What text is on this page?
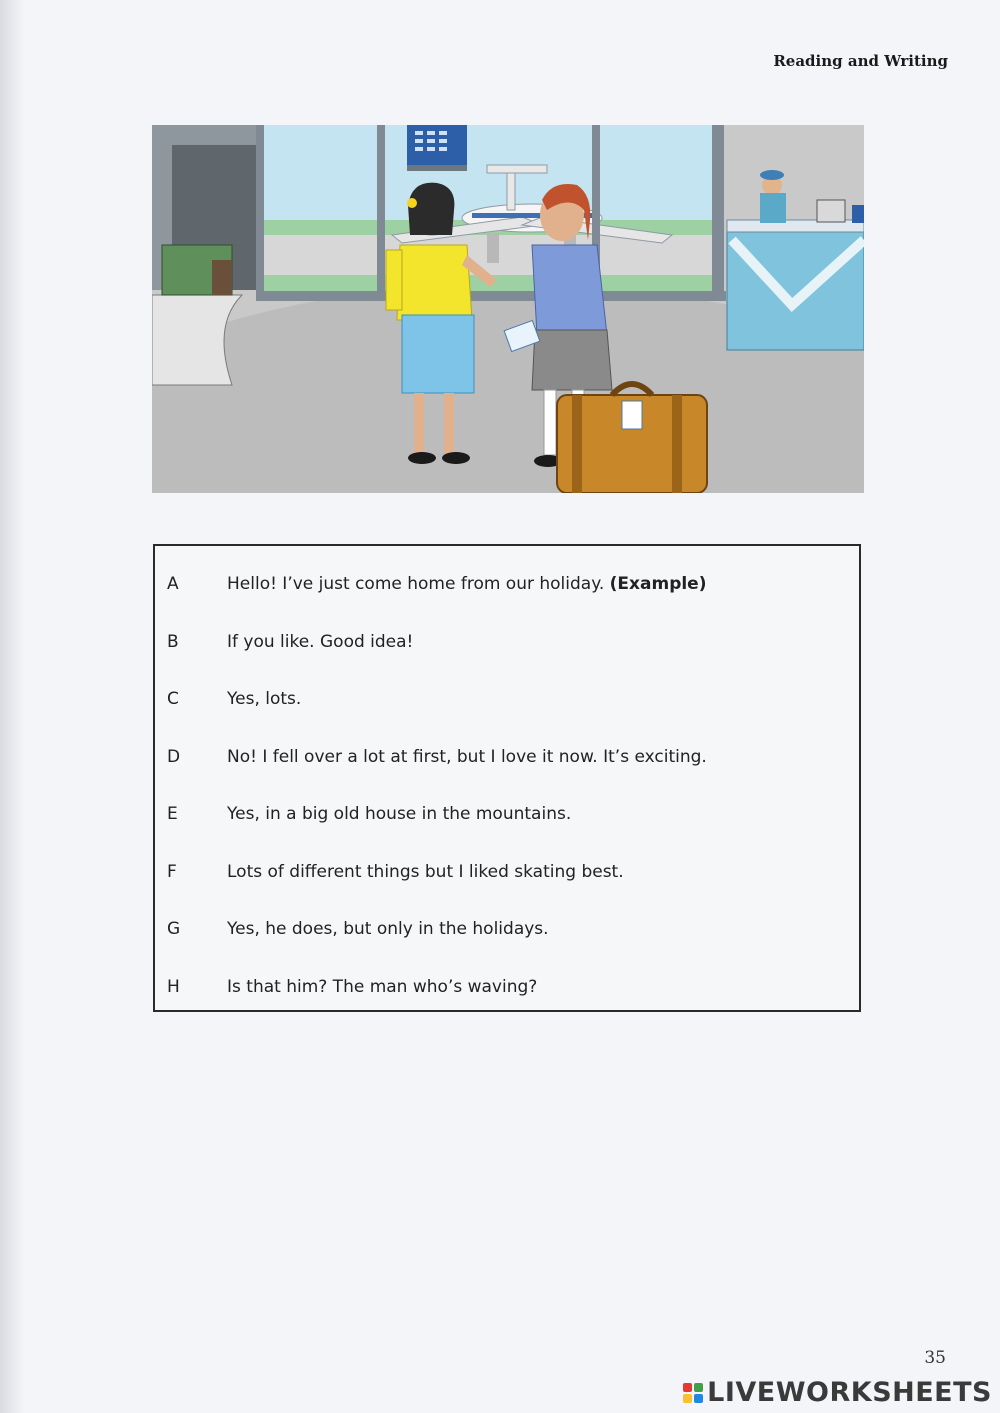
Reading and Writing
A	Hello! I’ve just come home from our holiday. (Example)
B	If you like. Good idea!
C	Yes, lots.
D	No! I fell over a lot at first, but I love it now. It’s exciting.
E	Yes, in a big old house in the mountains.
F	Lots of different things but I liked skating best.
G	Yes, he does, but only in the holidays.
H	Is that him? The man who’s waving?
35
LIVEWORKSHEETS
